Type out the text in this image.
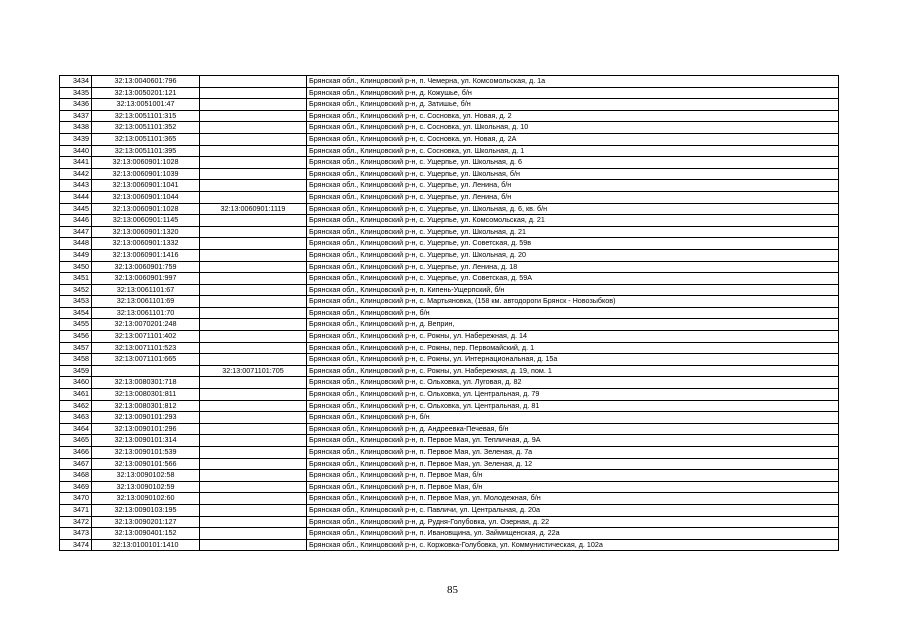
3434	32:13:0040601:796		Брянская обл., Клинцовский р-н, п. Чемерна, ул. Комсомольская, д. 1а
3435	32:13:0050201:121		Брянская обл., Клинцовский р-н, д. Кожушье, б/н
3436	32:13:0051001:47		Брянская обл., Клинцовский р-н, д. Затишье, б/н
3437	32:13:0051101:315		Брянская обл., Клинцовский р-н, с. Сосновка, ул. Новая, д. 2
3438	32:13:0051101:352		Брянская обл., Клинцовский р-н, с. Сосновка, ул. Школьная, д. 10
3439	32:13:0051101:365		Брянская обл., Клинцовский р-н, с. Сосновка, ул. Новая, д. 2А
3440	32:13:0051101:395		Брянская обл., Клинцовский р-н, с. Сосновка, ул. Школьная, д. 1
3441	32:13:0060901:1028		Брянская обл., Клинцовский р-н, с. Ущерпье, ул. Школьная, д. 6
3442	32:13:0060901:1039		Брянская обл., Клинцовский р-н, с. Ущерпье, ул. Школьная, б/н
3443	32:13:0060901:1041		Брянская обл., Клинцовский р-н, с. Ущерпье, ул. Ленина, б/н
3444	32:13:0060901:1044		Брянская обл., Клинцовский р-н, с. Ущерпье, ул. Ленина, б/н
3445	32:13:0060901:1028	32:13:0060901:1119	Брянская обл., Клинцовский р-н, с. Ущерпье, ул. Школьная, д. 6, кв. б/н
3446	32:13:0060901:1145		Брянская обл., Клинцовский р-н, с. Ущерпье, ул. Комсомольская, д. 21
3447	32:13:0060901:1320		Брянская обл., Клинцовский р-н, с. Ущерпье, ул. Школьная, д. 21
3448	32:13:0060901:1332		Брянская обл., Клинцовский р-н, с. Ущерпье, ул. Советская, д. 59в
3449	32:13:0060901:1416		Брянская обл., Клинцовский р-н, с. Ущерпье, ул. Школьная, д. 20
3450	32:13:0060901:759		Брянская обл., Клинцовский р-н, с. Ущерпье, ул. Ленина, д. 18
3451	32:13:0060901:997		Брянская обл., Клинцовский р-н, с. Ущерпье, ул. Советская, д. 59А
3452	32:13:0061101:67		Брянская обл., Клинцовский р-н, п. Кипень-Ущерпский, б/н
3453	32:13:0061101:69		Брянская обл., Клинцовский р-н, с. Мартьяновка, (158 км. автодороги Брянск - Новозыбков)
3454	32:13:0061101:70		Брянская обл., Клинцовский р-н, б/н
3455	32:13:0070201:248		Брянская обл., Клинцовский р-н, д. Веприн,
3456	32:13:0071101:402		Брянская обл., Клинцовский р-н, с. Рожны, ул. Набережная, д. 14
3457	32:13:0071101:523		Брянская обл., Клинцовский р-н, с. Рожны, пер. Первомайский, д. 1
3458	32:13:0071101:665		Брянская обл., Клинцовский р-н, с. Рожны, ул. Интернациональная, д. 15а
3459		32:13:0071101:705	Брянская обл., Клинцовский р-н, с. Рожны, ул. Набережная, д. 19, пом. 1
3460	32:13:0080301:718		Брянская обл., Клинцовский р-н, с. Ольховка, ул. Луговая, д. 82
3461	32:13:0080301:811		Брянская обл., Клинцовский р-н, с. Ольховка, ул. Центральная, д. 79
3462	32:13:0080301:812		Брянская обл., Клинцовский р-н, с. Ольховка, ул. Центральная, д. 81
3463	32:13:0090101:293		Брянская обл., Клинцовский р-н, б/н
3464	32:13:0090101:296		Брянская обл., Клинцовский р-н, д. Андреевка-Печевая, б/н
3465	32:13:0090101:314		Брянская обл., Клинцовский р-н, п. Первое Мая, ул. Тепличная, д. 9А
3466	32:13:0090101:539		Брянская обл., Клинцовский р-н, п. Первое Мая, ул. Зеленая, д. 7а
3467	32:13:0090101:566		Брянская обл., Клинцовский р-н, п. Первое Мая, ул. Зеленая, д. 12
3468	32:13:0090102:58		Брянская обл., Клинцовский р-н, п. Первое Мая, б/н
3469	32:13:0090102:59		Брянская обл., Клинцовский р-н, п. Первое Мая, б/н
3470	32:13:0090102:60		Брянская обл., Клинцовский р-н, п. Первое Мая, ул. Молодежная, б/н
3471	32:13:0090103:195		Брянская обл., Клинцовский р-н, с. Павличи, ул. Центральная, д. 20а
3472	32:13:0090201:127		Брянская обл., Клинцовский р-н, д. Рудня-Голубовка, ул. Озерная, д. 22
3473	32:13:0090401:152		Брянская обл., Клинцовский р-н, п. Ивановщина, ул. Займищенская, д. 22а
3474	32:13:0100101:1410		Брянская обл., Клинцовский р-н, с. Коржовка-Голубовка, ул. Коммунистическая, д. 102а
85
